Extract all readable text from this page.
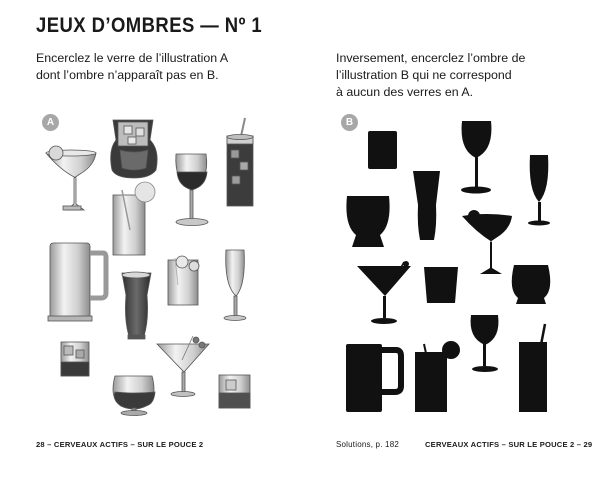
JEUX D’OMBRES — Nº 1
Encerclez le verre de l’illustration A
dont l’ombre n’apparaît pas en B.
Inversement, encerclez l’ombre de
l’illustration B qui ne correspond
à aucun des verres en A.
A	B
28 – CERVEAUX ACTIFS – SUR LE POUCE 2	Solutions, p. 182	CERVEAUX ACTIFS – SUR LE POUCE 2 – 29
